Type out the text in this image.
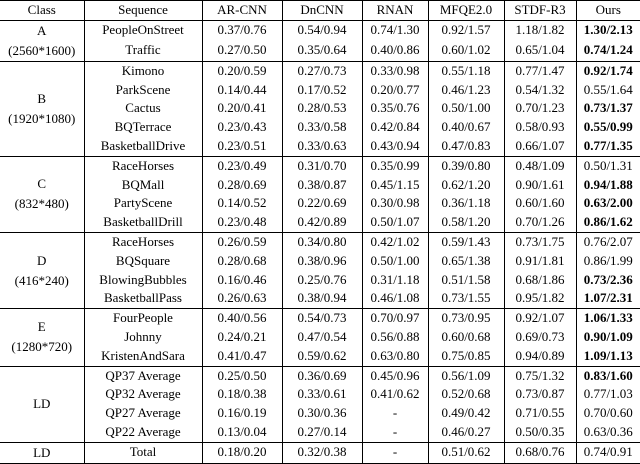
Class	Sequence	AR-CNN	DnCNN	RNAN	MFQE2.0	STDF-R3	Ours

A
(2560*1600)	PeopleOnStreet	0.37/0.76	0.54/0.94	0.74/1.30	0.92/1.57	1.18/1.82	1.30/2.13
	Traffic	0.27/0.50	0.35/0.64	0.40/0.86	0.60/1.02	0.65/1.04	0.74/1.24

B
(1920*1080)	Kimono	0.20/0.59	0.27/0.73	0.33/0.98	0.55/1.18	0.77/1.47	0.92/1.74
	ParkScene	0.14/0.44	0.17/0.52	0.20/0.77	0.46/1.23	0.54/1.32	0.55/1.64
	Cactus	0.20/0.41	0.28/0.53	0.35/0.76	0.50/1.00	0.70/1.23	0.73/1.37
	BQTerrace	0.23/0.43	0.33/0.58	0.42/0.84	0.40/0.67	0.58/0.93	0.55/0.99
	BasketballDrive	0.23/0.51	0.33/0.63	0.43/0.94	0.47/0.83	0.66/1.07	0.77/1.35

C
(832*480)	RaceHorses	0.23/0.49	0.31/0.70	0.35/0.99	0.39/0.80	0.48/1.09	0.50/1.31
	BQMall	0.28/0.69	0.38/0.87	0.45/1.15	0.62/1.20	0.90/1.61	0.94/1.88
	PartyScene	0.14/0.52	0.22/0.69	0.30/0.98	0.36/1.18	0.60/1.60	0.63/2.00
	BasketballDrill	0.23/0.48	0.42/0.89	0.50/1.07	0.58/1.20	0.70/1.26	0.86/1.62

D
(416*240)	RaceHorses	0.26/0.59	0.34/0.80	0.42/1.02	0.59/1.43	0.73/1.75	0.76/2.07
	BQSquare	0.28/0.68	0.38/0.96	0.50/1.00	0.65/1.38	0.91/1.81	0.86/1.99
	BlowingBubbles	0.16/0.46	0.25/0.76	0.31/1.18	0.51/1.58	0.68/1.86	0.73/2.36
	BasketballPass	0.26/0.63	0.38/0.94	0.46/1.08	0.73/1.55	0.95/1.82	1.07/2.31

E
(1280*720)	FourPeople	0.40/0.56	0.54/0.73	0.70/0.97	0.73/0.95	0.92/1.07	1.06/1.33
	Johnny	0.24/0.21	0.47/0.54	0.56/0.88	0.60/0.68	0.69/0.73	0.90/1.09
	KristenAndSara	0.41/0.47	0.59/0.62	0.63/0.80	0.75/0.85	0.94/0.89	1.09/1.13

LD	QP37 Average	0.25/0.50	0.36/0.69	0.45/0.96	0.56/1.09	0.75/1.32	0.83/1.60
	QP32 Average	0.18/0.38	0.33/0.61	0.41/0.62	0.52/0.68	0.73/0.87	0.77/1.03
	QP27 Average	0.16/0.19	0.30/0.36	-	0.49/0.42	0.71/0.55	0.70/0.60
	QP22 Average	0.13/0.04	0.27/0.14	-	0.46/0.27	0.50/0.35	0.63/0.36

LD	Total	0.18/0.20	0.32/0.38	-	0.51/0.62	0.68/0.76	0.74/0.91
